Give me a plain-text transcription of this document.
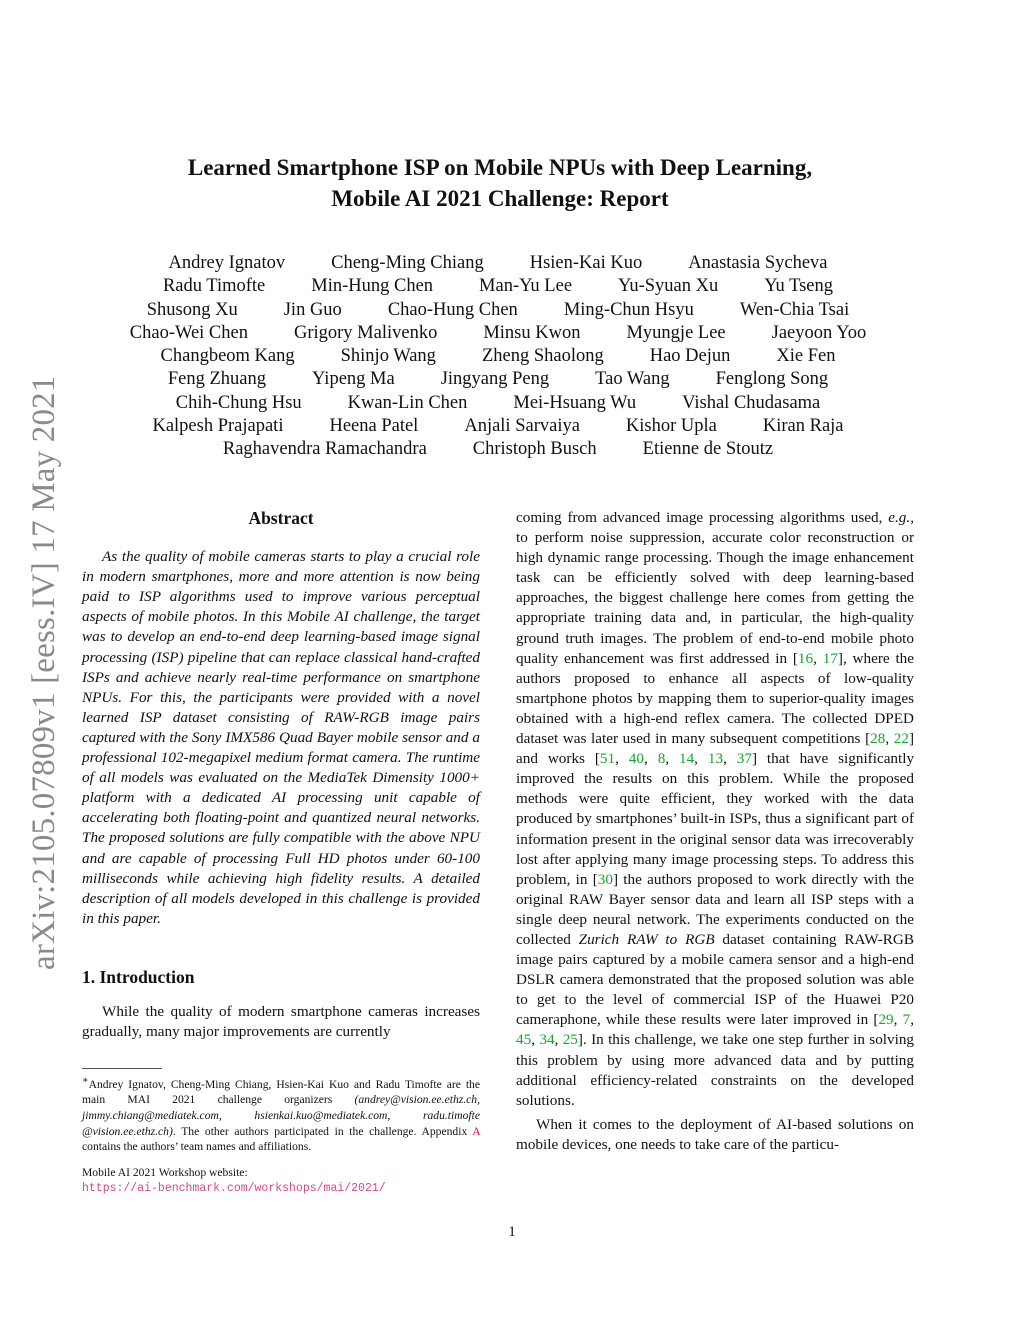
arXiv:2105.07809v1 [eess.IV] 17 May 2021
Learned Smartphone ISP on Mobile NPUs with Deep Learning,
Mobile AI 2021 Challenge: Report
Andrey Ignatov	Cheng-Ming Chiang	Hsien-Kai Kuo	Anastasia Sycheva
Radu Timofte	Min-Hung Chen	Man-Yu Lee	Yu-Syuan Xu	Yu Tseng
Shusong Xu	Jin Guo	Chao-Hung Chen	Ming-Chun Hsyu	Wen-Chia Tsai
Chao-Wei Chen	Grigory Malivenko	Minsu Kwon	Myungje Lee	Jaeyoon Yoo
Changbeom Kang	Shinjo Wang	Zheng Shaolong	Hao Dejun	Xie Fen
Feng Zhuang	Yipeng Ma	Jingyang Peng	Tao Wang	Fenglong Song
Chih-Chung Hsu	Kwan-Lin Chen	Mei-Hsuang Wu	Vishal Chudasama
Kalpesh Prajapati	Heena Patel	Anjali Sarvaiya	Kishor Upla	Kiran Raja
Raghavendra Ramachandra	Christoph Busch	Etienne de Stoutz
Abstract

As the quality of mobile cameras starts to play a crucial role in modern smartphones, more and more attention is now being paid to ISP algorithms used to improve various perceptual aspects of mobile photos. In this Mobile AI challenge, the target was to develop an end-to-end deep learning-based image signal processing (ISP) pipeline that can replace classical hand-crafted ISPs and achieve nearly real-time performance on smartphone NPUs. For this, the participants were provided with a novel learned ISP dataset consisting of RAW-RGB image pairs captured with the Sony IMX586 Quad Bayer mobile sensor and a professional 102-megapixel medium format camera. The runtime of all models was evaluated on the MediaTek Dimensity 1000+ platform with a dedicated AI processing unit capable of accelerating both floating-point and quantized neural networks. The proposed solutions are fully compatible with the above NPU and are capable of processing Full HD photos under 60-100 milliseconds while achieving high fidelity results. A detailed description of all models developed in this challenge is provided in this paper.

1. Introduction

While the quality of modern smartphone cameras increases gradually, many major improvements are currently

coming from advanced image processing algorithms used, e.g., to perform noise suppression, accurate color reconstruction or high dynamic range processing. Though the image enhancement task can be efficiently solved with deep learning-based approaches, the biggest challenge here comes from getting the appropriate training data and, in particular, the high-quality ground truth images. The problem of end-to-end mobile photo quality enhancement was first addressed in [16, 17], where the authors proposed to enhance all aspects of low-quality smartphone photos by mapping them to superior-quality images obtained with a high-end reflex camera. The collected DPED dataset was later used in many subsequent competitions [28, 22] and works [51, 40, 8, 14, 13, 37] that have significantly improved the results on this problem. While the proposed methods were quite efficient, they worked with the data produced by smartphones’ built-in ISPs, thus a significant part of information present in the original sensor data was irrecoverably lost after applying many image processing steps. To address this problem, in [30] the authors proposed to work directly with the original RAW Bayer sensor data and learn all ISP steps with a single deep neural network. The experiments conducted on the collected Zurich RAW to RGB dataset containing RAW-RGB image pairs captured by a mobile camera sensor and a high-end DSLR camera demonstrated that the proposed solution was able to get to the level of commercial ISP of the Huawei P20 cameraphone, while these results were later improved in [29, 7, 45, 34, 25]. In this challenge, we take one step further in solving this problem by using more advanced data and by putting additional efficiency-related constraints on the developed solutions.

When it comes to the deployment of AI-based solutions on mobile devices, one needs to take care of the particu-

∗Andrey Ignatov, Cheng-Ming Chiang, Hsien-Kai Kuo and Radu Timofte are the main MAI 2021 challenge organizers (andrey@vision.ee.ethz.ch, jimmy.chiang@mediatek.com, hsienkai.kuo@mediatek.com, radu.timofte @vision.ee.ethz.ch). The other authors participated in the challenge. Appendix A contains the authors’ team names and affiliations.

Mobile AI 2021 Workshop website:
https://ai-benchmark.com/workshops/mai/2021/
1
